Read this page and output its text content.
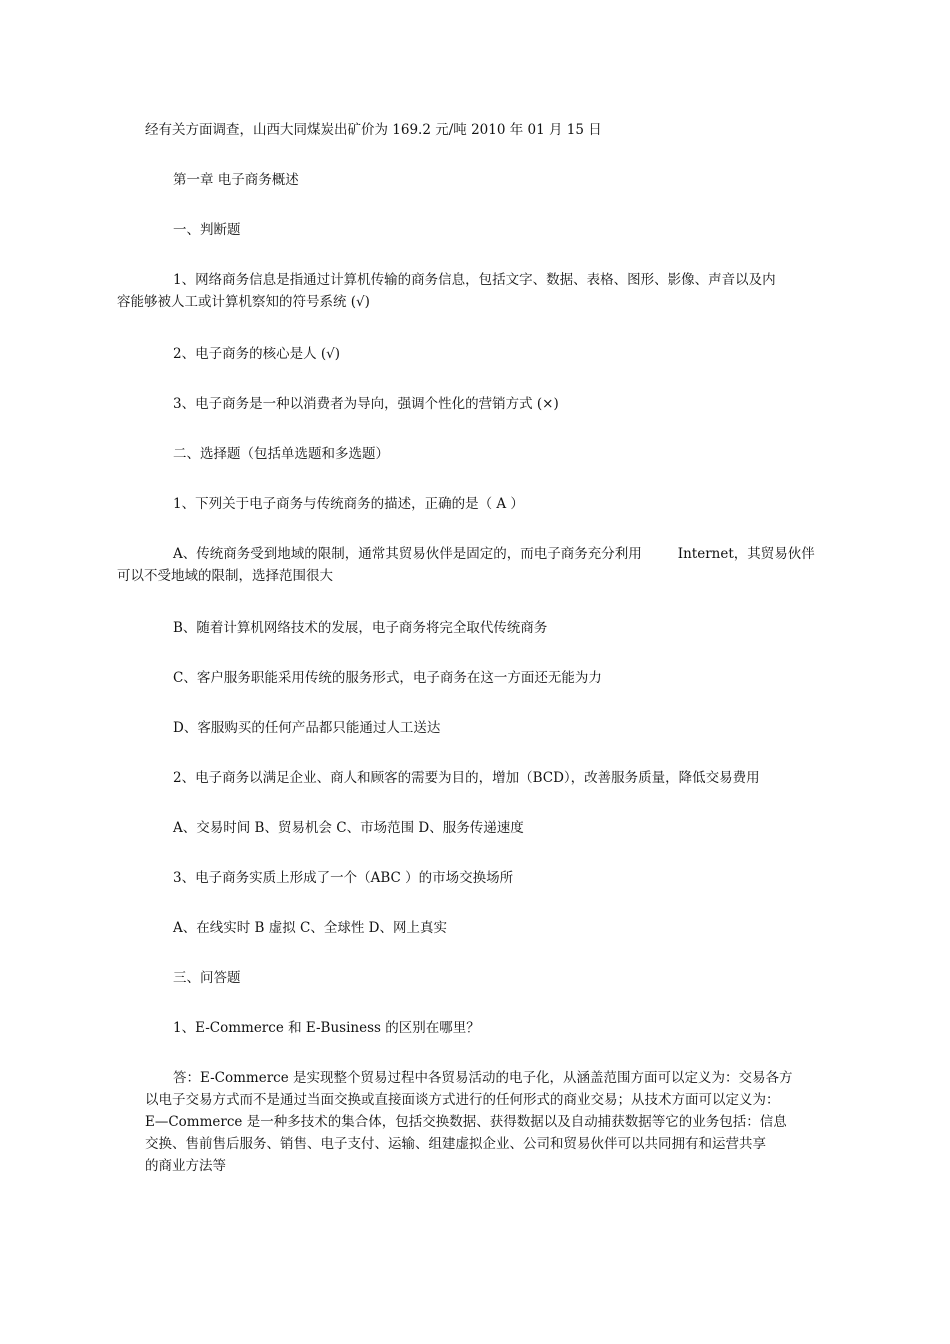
经有关方面调查，山西大同煤炭出矿价为 169.2 元/吨 2010 年 01 月 15 日

第一章 电子商务概述

一、判断题

1、网络商务信息是指通过计算机传输的商务信息，包括文字、数据、表格、图形、影像、声音以及内
容能够被人工或计算机察知的符号系统 (√)

2、电子商务的核心是人 (√)

3、电子商务是一种以消费者为导向，强调个性化的营销方式 (×)

二、选择题（包括单选题和多选题）

1、下列关于电子商务与传统商务的描述，正确的是（ A ）

A、传统商务受到地域的限制，通常其贸易伙伴是固定的，而电子商务充分利用	Internet，其贸易伙伴
可以不受地域的限制，选择范围很大

B、随着计算机网络技术的发展，电子商务将完全取代传统商务

C、客户服务职能采用传统的服务形式，电子商务在这一方面还无能为力

D、客服购买的任何产品都只能通过人工送达

2、电子商务以满足企业、商人和顾客的需要为目的，增加（BCD），改善服务质量，降低交易费用

A、交易时间 B、贸易机会 C、市场范围 D、服务传递速度

3、电子商务实质上形成了一个（ABC ）的市场交换场所

A、在线实时 B 虚拟 C、全球性 D、网上真实

三、问答题

1、E-Commerce 和 E-Business 的区别在哪里？

答：E-Commerce 是实现整个贸易过程中各贸易活动的电子化，从涵盖范围方面可以定义为：交易各方
以电子交易方式而不是通过当面交换或直接面谈方式进行的任何形式的商业交易；从技术方面可以定义为：
E—Commerce 是一种多技术的集合体，包括交换数据、获得数据以及自动捕获数据等它的业务包括：信息
交换、售前售后服务、销售、电子支付、运输、组建虚拟企业、公司和贸易伙伴可以共同拥有和运营共享
的商业方法等
